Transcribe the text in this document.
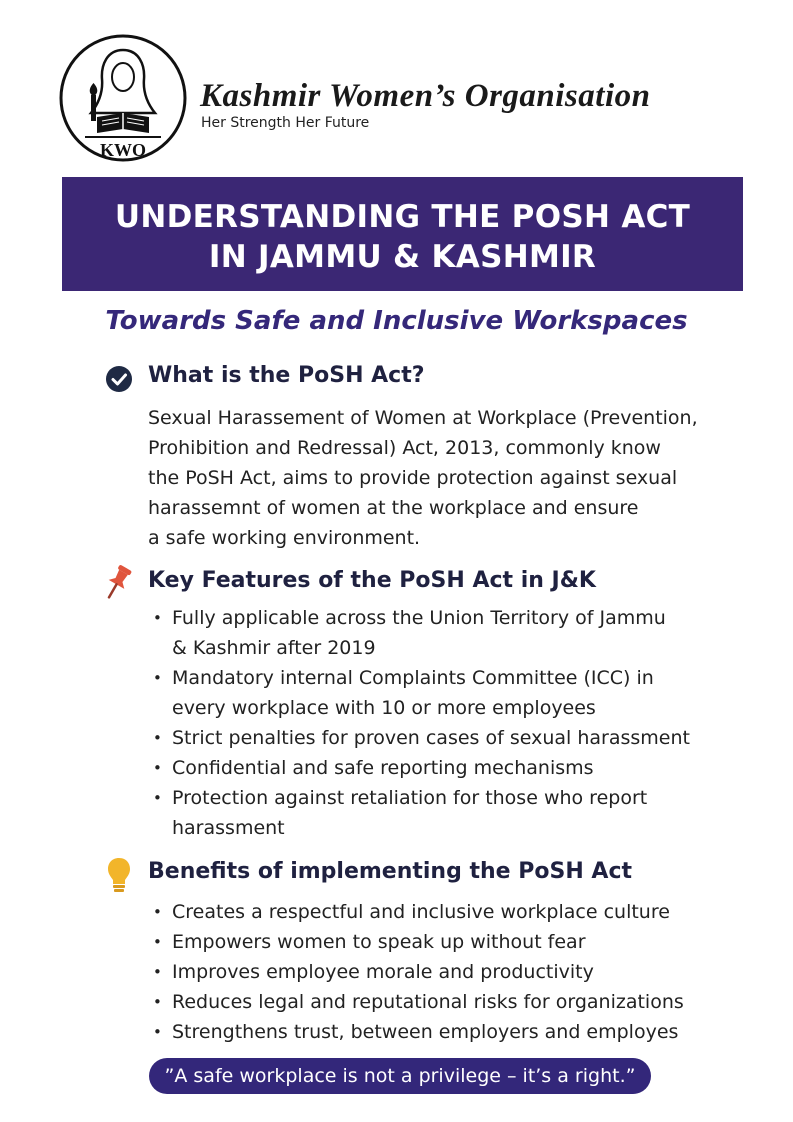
KWO
Kashmir Women’s Organisation
Her Strength Her Future
UNDERSTANDING THE POSH ACT
IN JAMMU & KASHMIR
Towards Safe and Inclusive Workspaces
What is the PoSH Act?
Sexual Harassement of Women at Workplace (Prevention,
Prohibition and Redressal) Act, 2013, commonly know
the PoSH Act, aims to provide protection against sexual
harassemnt of women at the workplace and ensure
a safe working environment.
Key Features of the PoSH Act in J&K
• Fully applicable across the Union Territory of Jammu
& Kashmir after 2019
• Mandatory internal Complaints Committee (ICC) in
every workplace with 10 or more employees
• Strict penalties for proven cases of sexual harassment
• Confidential and safe reporting mechanisms
• Protection against retaliation for those who report
harassment
Benefits of implementing the PoSH Act
• Creates a respectful and inclusive workplace culture
• Empowers women to speak up without fear
• Improves employee morale and productivity
• Reduces legal and reputational risks for organizations
• Strengthens trust, between employers and employes
”A safe workplace is not a privilege – it’s a right.”
